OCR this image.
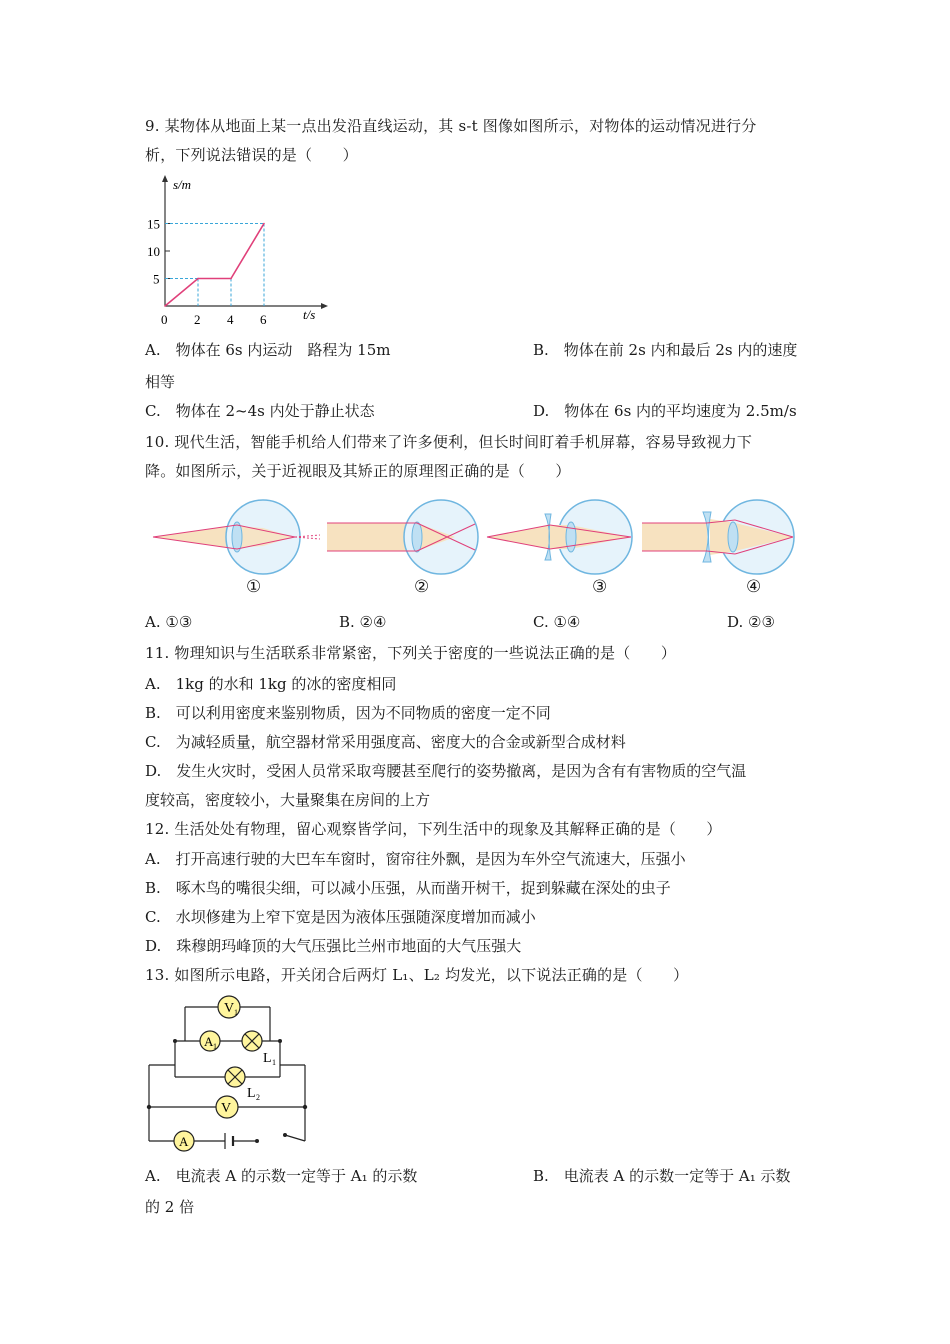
9. 某物体从地面上某一点出发沿直线运动，其 s-t 图像如图所示，对物体的运动情况进行分
析，下列说法错误的是（　　）
s/m
t/s
0 2 4 6
5
10
15
A.　物体在 6s 内运动　路程为 15m	B.　物体在前 2s 内和最后 2s 内的速度
相等
C.　物体在 2~4s 内处于静止状态	D.　物体在 6s 内的平均速度为 2.5m/s
10. 现代生活，智能手机给人们带来了许多便利，但长时间盯着手机屏幕，容易导致视力下
降。如图所示，关于近视眼及其矫正的原理图正确的是（　　）
①	②	③	④
A. ①③	B. ②④	C. ①④	D. ②③
11. 物理知识与生活联系非常紧密，下列关于密度的一些说法正确的是（　　）
A.　1kg 的水和 1kg 的冰的密度相同
B.　可以利用密度来鉴别物质，因为不同物质的密度一定不同
C.　为减轻质量，航空器材常采用强度高、密度大的合金或新型合成材料
D.　发生火灾时，受困人员常采取弯腰甚至爬行的姿势撤离，是因为含有有害物质的空气温
度较高，密度较小，大量聚集在房间的上方
12. 生活处处有物理，留心观察皆学问，下列生活中的现象及其解释正确的是（　　）
A.　打开高速行驶的大巴车车窗时，窗帘往外飘，是因为车外空气流速大，压强小
B.　啄木鸟的嘴很尖细，可以减小压强，从而凿开树干，捉到躲藏在深处的虫子
C.　水坝修建为上窄下宽是因为液体压强随深度增加而减小
D.　珠穆朗玛峰顶的大气压强比兰州市地面的大气压强大
13. 如图所示电路，开关闭合后两灯 L₁、L₂ 均发光，以下说法正确的是（　　）
V 1
A 1
L 1
L 2
V
A
A.　电流表 A 的示数一定等于 A₁ 的示数	B.　电流表 A 的示数一定等于 A₁ 示数
的 2 倍
